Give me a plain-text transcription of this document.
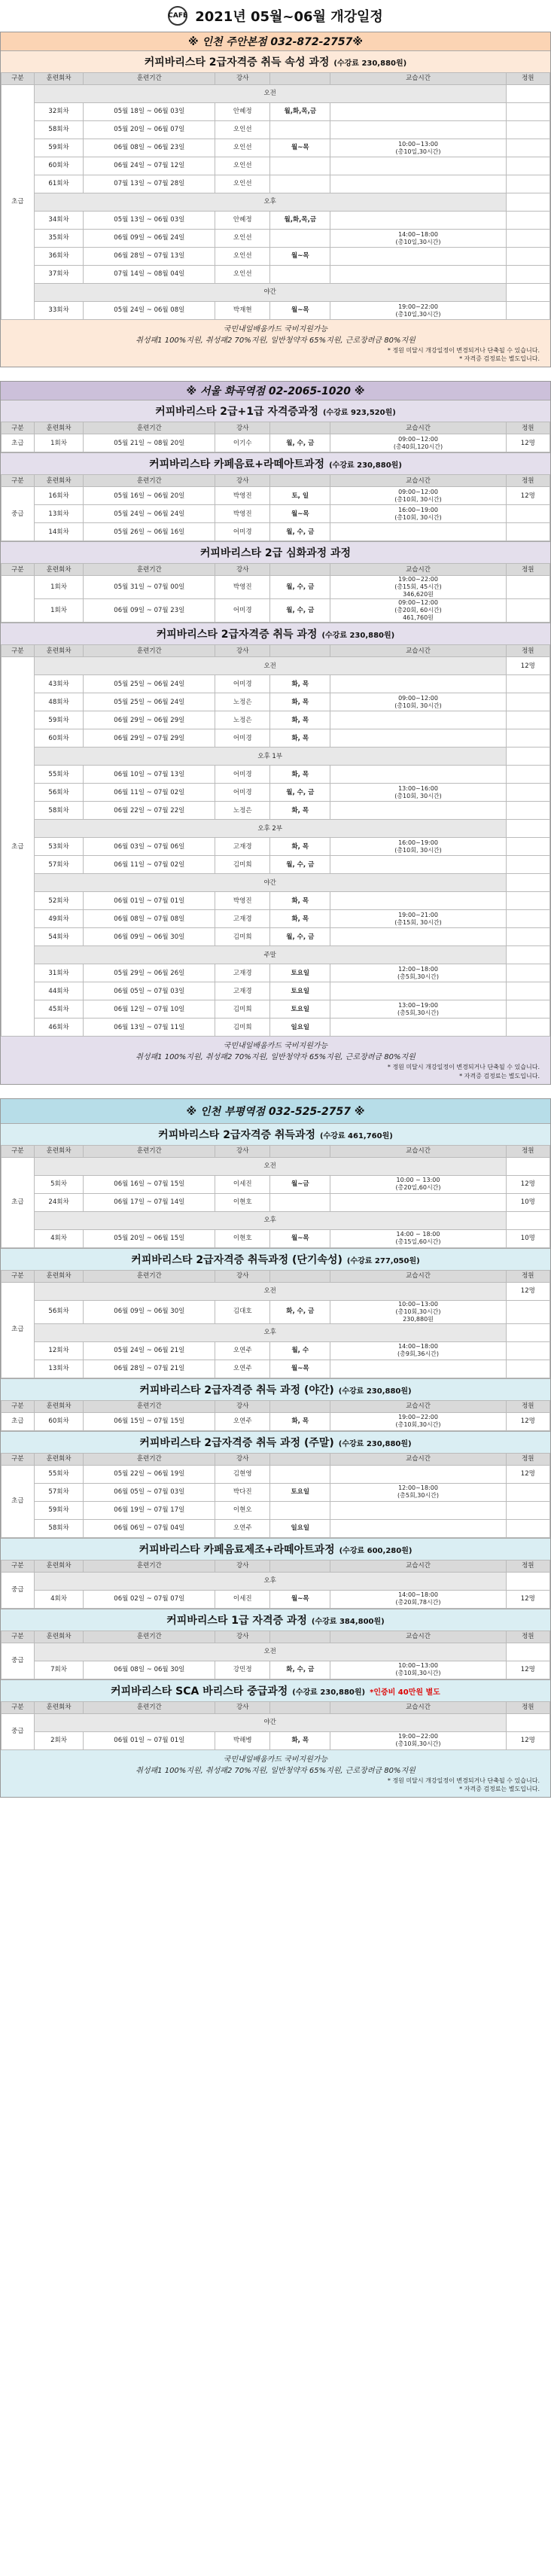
CAFE 2021년 05월~06월 개강일정
※ 인천 주안본점 032-872-2757※
커피바리스타 2급자격증 취득 속성 과정 (수강료 230,880원)
구분	훈련회차	훈련기간	강사		교습시간	정원
초급	오전					
	32회차	05월 18일 ~ 06월 03일	안혜정	월,화,목,금		
	58회차	05월 20일 ~ 06월 07일	오인선			
	59회차	06월 08일 ~ 06월 23일	오인선	월~목	10:00~13:00
(총10일,30시간)	
	60회차	06월 24일 ~ 07월 12일	오인선			
	61회차	07월 13일 ~ 07월 28일	오인선			
	오후					
	34회차	05월 13일 ~ 06월 03일	안혜정	월,화,목,금		
	35회차	06월 09일 ~ 06월 24일	오인선		14:00~18:00
(총10일,30시간)	
	36회차	06월 28일 ~ 07월 13일	오인선	월~목		
	37회차	07월 14일 ~ 08월 04일	오인선			
	야간					
	33회차	05월 24일 ~ 06월 08일	박재현	월~목	19:00~22:00
(총10일,30시간)	
국민내일배움카드 국비지원가능
취성패1 100%지원, 취성패2 70%지원, 일반청약자 65%지원, 근로장려금 80%지원
* 정원 미달시 개강일정이 변경되거나 단축될 수 있습니다.
* 자격증 검정료는 별도입니다.
※ 서울 화곡역점 02-2065-1020 ※
커피바리스타 2급+1급 자격증과정 (수강료 923,520원)
구분	훈련회차	훈련기간	강사		교습시간	정원
초급	1회차	05월 21일 ~ 08월 20일	이기수	월, 수, 금	09:00~12:00
(총40회,120시간)	12명
커피바리스타 카페음료+라떼아트과정 (수강료 230,880원)
구분	훈련회차	훈련기간	강사		교습시간	정원
중급	16회차	05월 16일 ~ 06월 20일	박영진	토, 일	09:00~12:00
(총10회, 30시간)	12명
	13회차	05월 24일 ~ 06월 24일	박영진	월~목	16:00~19:00
(총10회, 30시간)	
	14회차	05월 26일 ~ 06월 16일	어미경	월, 수, 금		
커피바리스타 2급 심화과정 과정
구분	훈련회차	훈련기간	강사		교습시간	정원
	1회차	05월 31일 ~ 07월 00일	박영진	월, 수, 금	19:00~22:00
(총15회, 45시간)
346,620원	
	1회차	06월 09일 ~ 07월 23일	어미경	월, 수, 금	09:00~12:00
(총20회, 60시간)
461,760원	
커피바리스타 2급자격증 취득 과정 (수강료 230,880원)
구분	훈련회차	훈련기간	강사		교습시간	정원
초급	오전					12명
	43회차	05월 25일 ~ 06월 24일	어미경	화, 목		
	48회차	05월 25일 ~ 06월 24일	노정은	화, 목	09:00~12:00
(총10회, 30시간)	
	59회차	06월 29일 ~ 06월 29일	노정은	화, 목		
	60회차	06월 29일 ~ 07월 29일	어미경	화, 목		
	오후 1부					
	55회차	06월 10일 ~ 07월 13일	어미경	화, 목		
	56회차	06월 11일 ~ 07월 02일	어미경	월, 수, 금	13:00~16:00
(총10회, 30시간)	
	58회차	06월 22일 ~ 07월 22일	노정은	화, 목		
	오후 2부					
	53회차	06월 03일 ~ 07월 06일	고재경	화, 목	16:00~19:00
(총10회, 30시간)	
	57회차	06월 11일 ~ 07월 02일	김미희	월, 수, 금		
	야간					
	52회차	06월 01일 ~ 07월 01일	박영진	화, 목		
	49회차	06월 08일 ~ 07월 08일	고재경	화, 목	19:00~21:00
(총15회, 30시간)	
	54회차	06월 09일 ~ 06월 30일	김미희	월, 수, 금		
	주말					
	31회차	05월 29일 ~ 06월 26일	고재경	토요일	12:00~18:00
(총5회,30시간)	
	44회차	06월 05일 ~ 07월 03일	고재경	토요일		
	45회차	06월 12일 ~ 07월 10일	김미희	토요일	13:00~19:00
(총5회,30시간)	
	46회차	06월 13일 ~ 07월 11일	김미희	일요일		
국민내일배움카드 국비지원가능
취성패1 100%지원, 취성패2 70%지원, 일반청약자 65%지원, 근로장려금 80%지원
* 정원 미달시 개강일정이 변경되거나 단축될 수 있습니다.
* 자격증 검정료는 별도입니다.
※ 인천 부평역점 032-525-2757 ※
커피바리스타 2급자격증 취득과정 (수강료 461,760원)
구분	훈련회차	훈련기간	강사		교습시간	정원
초급	오전					
	5회차	06월 16일 ~ 07월 15일	이세진	월~금	10:00 ~ 13:00
(총20일,60시간)	12명
	24회차	06월 17일 ~ 07월 14일	이현호			10명
	오후					
	4회차	05월 20일 ~ 06월 15일	이현호	월~목	14:00 ~ 18:00
(총15일,60시간)	10명
커피바리스타 2급자격증 취득과정 (단기속성) (수강료 277,050원)
구분	훈련회차	훈련기간	강사		교습시간	정원
초급	오전					12명
	56회차	06월 09일 ~ 06월 30일	김대호	화, 수, 금	10:00~13:00
(총10회,30시간)
230,880원	
	오후					
	12회차	05월 24일 ~ 06월 21일	오연주	월, 수	14:00~18:00
(총9회,36시간)	
	13회차	06월 28일 ~ 07월 21일	오연주	월~목		
커피바리스타 2급자격증 취득 과정 (야간) (수강료 230,880원)
구분	훈련회차	훈련기간	강사		교습시간	정원
초급	60회차	06월 15일 ~ 07월 15일	오연주	화, 목	19:00~22:00
(총10회,30시간)	12명
커피바리스타 2급자격증 취득 과정 (주말) (수강료 230,880원)
구분	훈련회차	훈련기간	강사		교습시간	정원
초급	55회차	05월 22일 ~ 06월 19일	김현영			12명
	57회차	06월 05일 ~ 07월 03일	박다진	토요일	12:00~18:00
(총5회,30시간)	
	59회차	06월 19일 ~ 07월 17일	이현오			
	58회차	06월 06일 ~ 07월 04일	오연주	일요일		
커피바리스타 카페음료제조+라떼아트과정 (수강료 600,280원)
구분	훈련회차	훈련기간	강사		교습시간	정원
중급	오후					
	4회차	06월 02일 ~ 07월 07일	이세진	월~목	14:00~18:00
(총20회,78시간)	12명
커피바리스타 1급 자격증 과정 (수강료 384,800원)
구분	훈련회차	훈련기간	강사		교습시간	정원
중급	오전					
	7회차	06월 08일 ~ 06월 30일	강민정	화, 수, 금	10:00~13:00
(총10회,30시간)	12명
커피바리스타 SCA 바리스타 중급과정 (수강료 230,880원) *인증비 40만원 별도
구분	훈련회차	훈련기간	강사		교습시간	정원
중급	야간					
	2회차	06월 01일 ~ 07월 01일	박해병	화, 목	19:00~22:00
(총10회,30시간)	12명
국민내일배움카드 국비지원가능
취성패1 100%지원, 취성패2 70%지원, 일반청약자 65%지원, 근로장려금 80%지원
* 정원 미달시 개강일정이 변경되거나 단축될 수 있습니다.
* 자격증 검정료는 별도입니다.
